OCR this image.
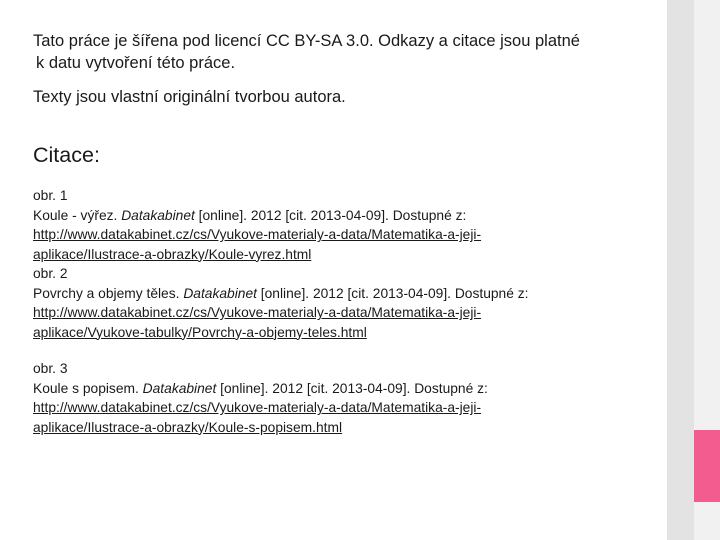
Tato práce je šířena pod licencí CC BY-SA 3.0. Odkazy a citace jsou platné
k datu vytvoření této práce.

Texty jsou vlastní originální tvorbou autora.

Citace:
obr. 1
Koule - výřez. Datakabinet [online]. 2012 [cit. 2013-04-09]. Dostupné z:
http://www.datakabinet.cz/cs/Vyukove-materialy-a-data/Matematika-a-jeji-
aplikace/Ilustrace-a-obrazky/Koule-vyrez.html
obr. 2
Povrchy a objemy těles. Datakabinet [online]. 2012 [cit. 2013-04-09]. Dostupné z:
http://www.datakabinet.cz/cs/Vyukove-materialy-a-data/Matematika-a-jeji-
aplikace/Vyukove-tabulky/Povrchy-a-objemy-teles.html
obr. 3
Koule s popisem. Datakabinet [online]. 2012 [cit. 2013-04-09]. Dostupné z:
http://www.datakabinet.cz/cs/Vyukove-materialy-a-data/Matematika-a-jeji-
aplikace/Ilustrace-a-obrazky/Koule-s-popisem.html
